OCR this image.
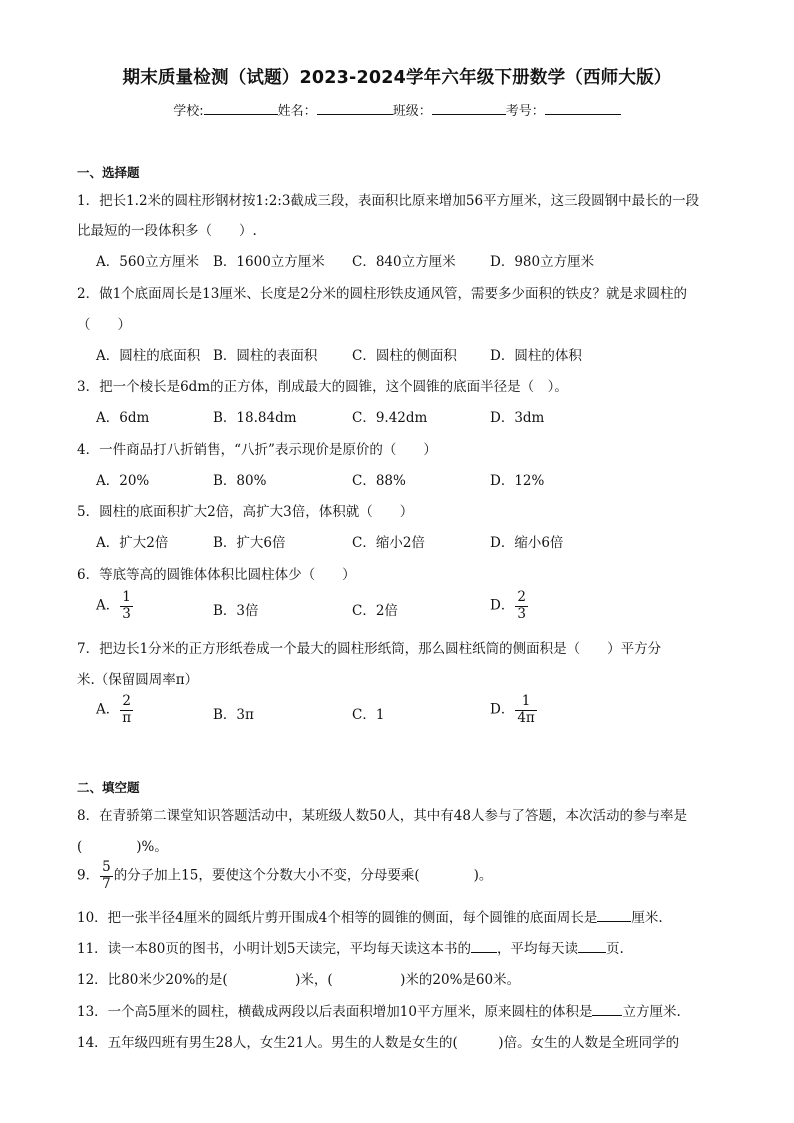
期末质量检测（试题）2023-2024学年六年级下册数学（西师大版）
学校:	姓名：	班级：	考号：
一、选择题
1．把长1.2米的圆柱形钢材按1:2:3截成三段，表面积比原来增加56平方厘米，这三段圆钢中最长的一段
比最短的一段体积多（　　）.
A．560立方厘米 B．1600立方厘米 C．840立方厘米	D．980立方厘米
2．做1个底面周长是13厘米、长度是2分米的圆柱形铁皮通风管，需要多少面积的铁皮？就是求圆柱的
（　　）
A．圆柱的底面积 B．圆柱的表面积	C．圆柱的侧面积 D．圆柱的体积
3．把一个棱长是6dm的正方体，削成最大的圆锥，这个圆锥的底面半径是（　）。
A．6dm	B．18.84dm	C．9.42dm	D．3dm
4．一件商品打八折销售，“八折”表示现价是原价的（　　）
A．20%	B．80%	C．88%	D．12%
5．圆柱的底面积扩大2倍，高扩大3倍，体积就（　　）
A．扩大2倍	B．扩大6倍	C．缩小2倍	D．缩小6倍
6．等底等高的圆锥体体积比圆柱体少（　　）
A． $\frac{1}{3}$	B．3倍	C．2倍	D． $\frac{2}{3}$
7．把边长1分米的正方形纸卷成一个最大的圆柱形纸筒，那么圆柱纸筒的侧面积是（　　）平方分
米.（保留圆周率π）
A． $\frac{2}{\pi}$	B．3π	C．1	D． $\frac{1}{4\pi}$
二、填空题
8．在青骄第二课堂知识答题活动中，某班级人数50人，其中有48人参与了答题，本次活动的参与率是
(　　　　)%。
9． $\frac{5}{7}$ 的分子加上15，要使这个分数大小不变，分母要乘(　　　　)。
10．把一张半径4厘米的圆纸片剪开围成4个相等的圆锥的侧面，每个圆锥的底面周长是	厘米.
11．读一本80页的图书，小明计划5天读完，平均每天读这本书的 ，平均每天读 页.
12．比80米少20%的是(　　　　　)米，(　　　　　)米的20%是60米。
13．一个高5厘米的圆柱，横截成两段以后表面积增加10平方厘米，原来圆柱的体积是 立方厘米.
14．五年级四班有男生28人，女生21人。男生的人数是女生的(　　　)倍。女生的人数是全班同学的
